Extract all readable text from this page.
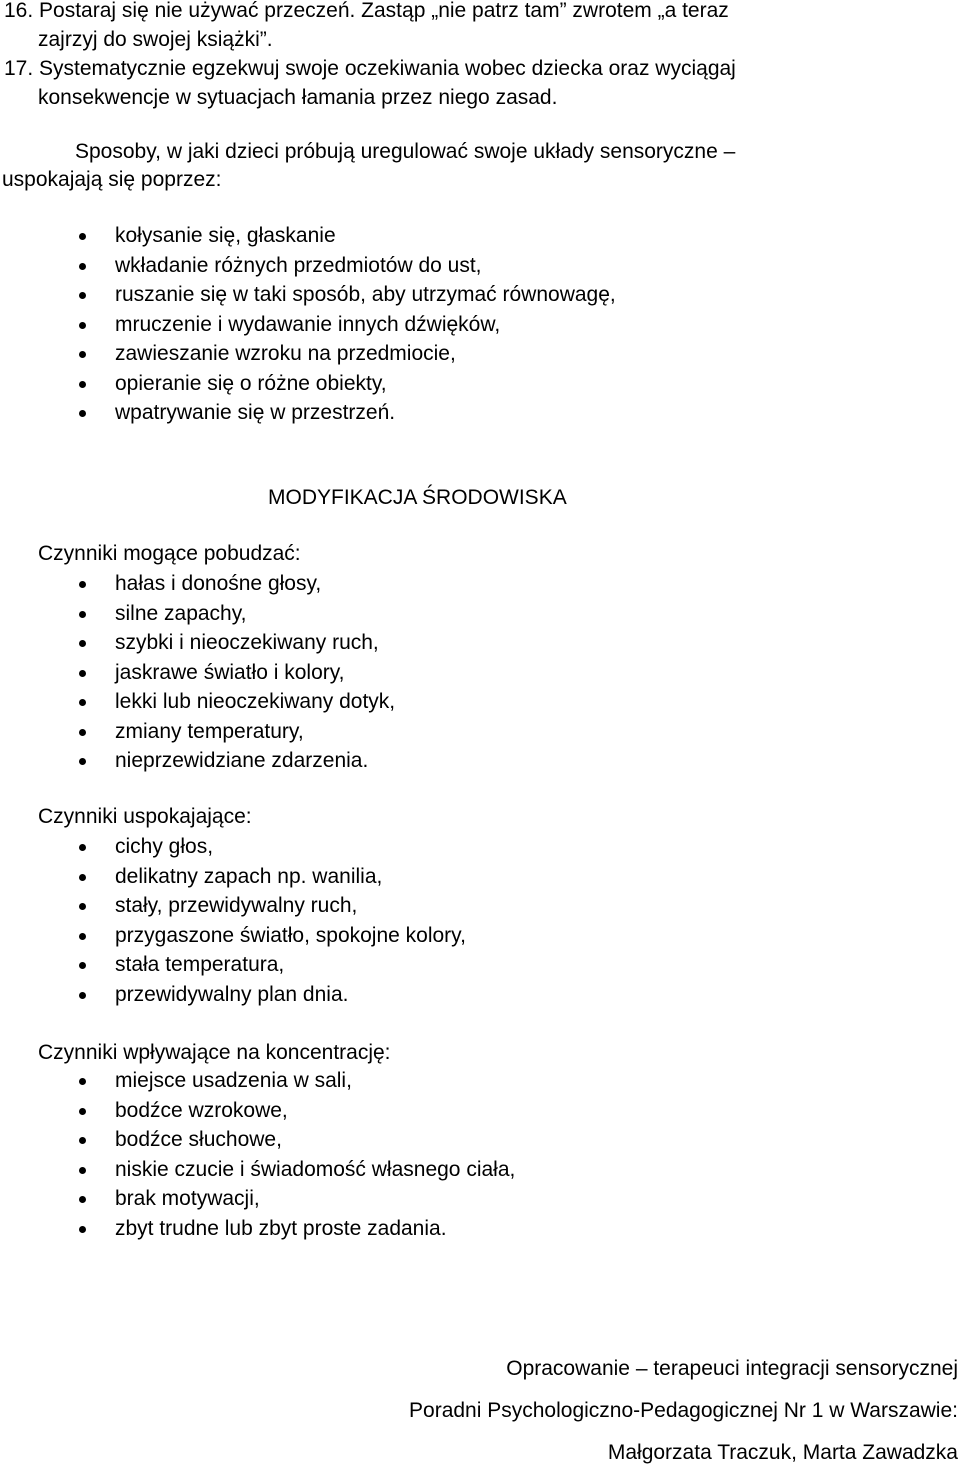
16. Postaraj się nie używać przeczeń. Zastąp „nie patrz tam” zwrotem „a teraz
zajrzyj do swojej książki”.
17. Systematycznie egzekwuj swoje oczekiwania wobec dziecka oraz wyciągaj
konsekwencje w sytuacjach łamania przez niego zasad.
Sposoby, w jaki dzieci próbują uregulować swoje układy sensoryczne –
uspokajają się poprzez:
kołysanie się, głaskanie
wkładanie różnych przedmiotów do ust,
ruszanie się w taki sposób, aby utrzymać równowagę,
mruczenie i wydawanie innych dźwięków,
zawieszanie wzroku na przedmiocie,
opieranie się o różne obiekty,
wpatrywanie się w przestrzeń.
MODYFIKACJA ŚRODOWISKA
Czynniki mogące pobudzać:
hałas i donośne głosy,
silne zapachy,
szybki i nieoczekiwany ruch,
jaskrawe światło i kolory,
lekki lub nieoczekiwany dotyk,
zmiany temperatury,
nieprzewidziane zdarzenia.
Czynniki uspokajające:
cichy głos,
delikatny zapach np. wanilia,
stały, przewidywalny ruch,
przygaszone światło, spokojne kolory,
stała temperatura,
przewidywalny plan dnia.
Czynniki wpływające na koncentrację:
miejsce usadzenia w sali,
bodźce wzrokowe,
bodźce słuchowe,
niskie czucie i świadomość własnego ciała,
brak motywacji,
zbyt trudne lub zbyt proste zadania.
Opracowanie – terapeuci integracji sensorycznej
Poradni Psychologiczno-Pedagogicznej Nr 1 w Warszawie:
Małgorzata Traczuk, Marta Zawadzka
